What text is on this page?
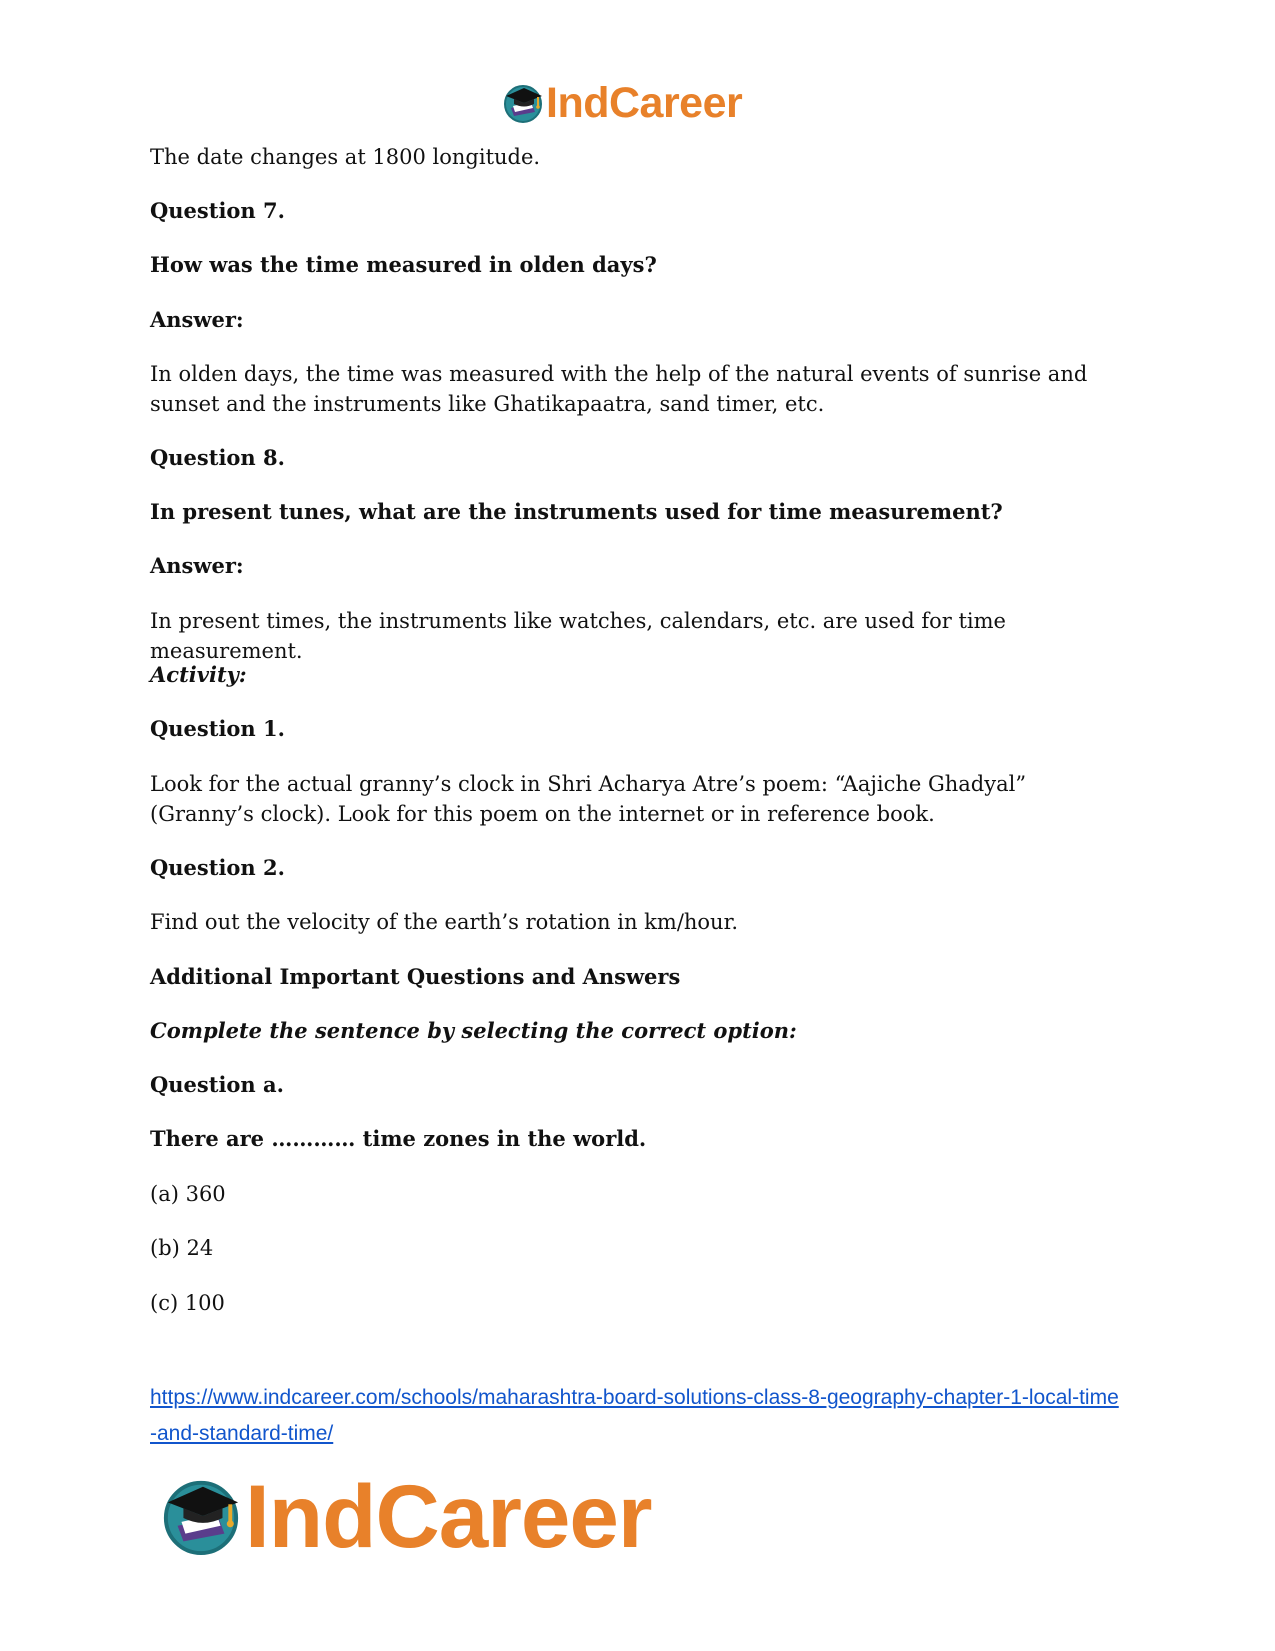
IndCareer

The date changes at 1800 longitude.

Question 7.

How was the time measured in olden days?

Answer:

In olden days, the time was measured with the help of the natural events of sunrise and sunset and the instruments like Ghatikapaatra, sand timer, etc.

Question 8.

In present tunes, what are the instruments used for time measurement?

Answer:

In present times, the instruments like watches, calendars, etc. are used for time measurement.

Activity:

Question 1.

Look for the actual granny’s clock in Shri Acharya Atre’s poem: “Aajiche Ghadyal” (Granny’s clock). Look for this poem on the internet or in reference book.

Question 2.

Find out the velocity of the earth’s rotation in km/hour.

Additional Important Questions and Answers

Complete the sentence by selecting the correct option:

Question a.

There are ………… time zones in the world.

(a) 360

(b) 24

(c) 100

https://www.indcareer.com/schools/maharashtra-board-solutions-class-8-geography-chapter-1-local-time-and-standard-time/
IndCareer
